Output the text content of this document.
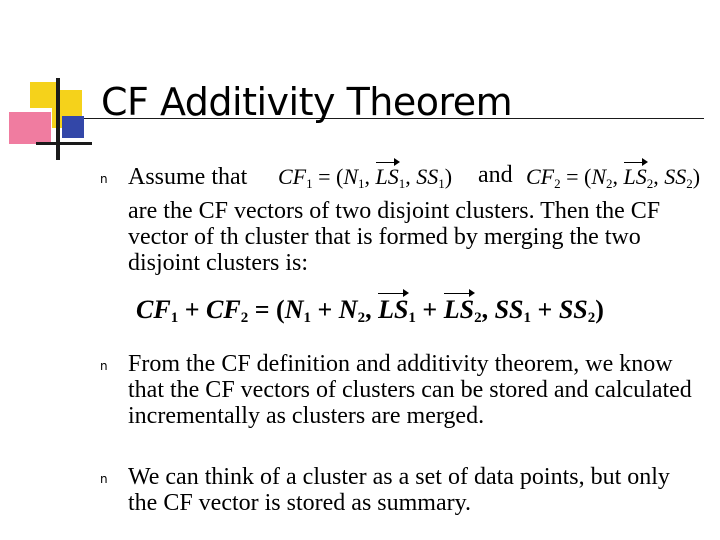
CF Additivity Theorem
n
Assume that	$CF_1 = (N_1$, $LS_1$, $SS_1$) and $CF_2 = (N_2$, $LS_2$, $SS_2$)
are the CF vectors of two disjoint clusters. Then the CF vector of th cluster that is formed by merging the two disjoint clusters is:
$CF_1 + CF_2 = (N_1 + N_2$, $LS_1 + LS_2$, $SS_1 + SS_2$)
n
From the CF definition and additivity theorem, we know that the CF vectors of clusters can be stored and calculated incrementally as clusters are merged.
n
We can think of a cluster as a set of data points, but only the CF vector is stored as summary.
